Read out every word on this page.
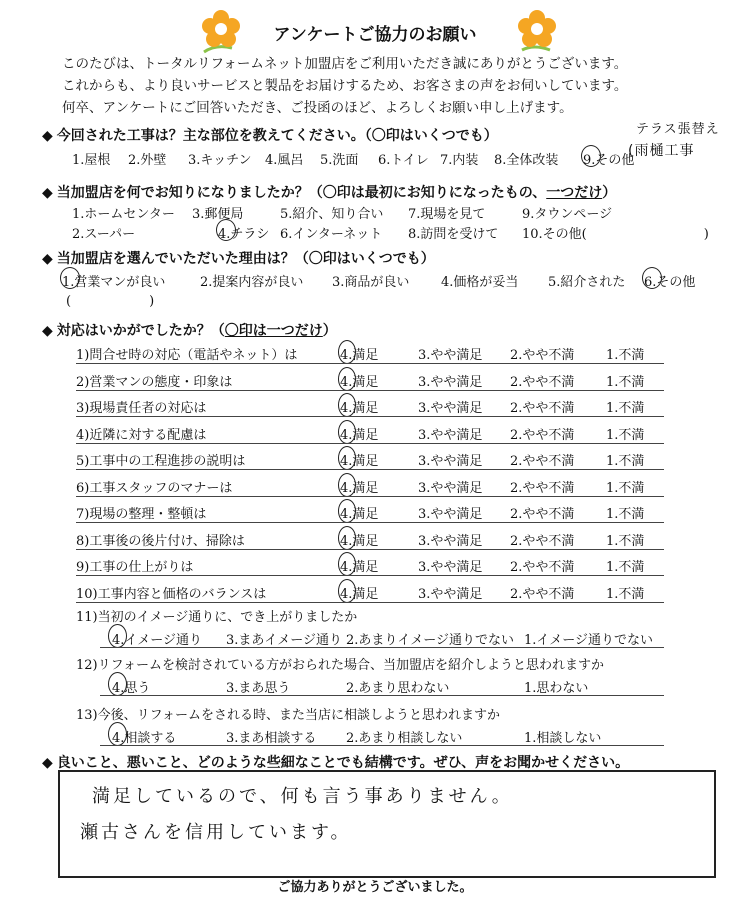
アンケートご協力のお願い
このたびは、トータルリフォームネット加盟店をご利用いただき誠にありがとうございます。
これからも、より良いサービスと製品をお届けするため、お客さまの声をお伺いしています。
何卒、アンケートにご回答いただき、ご投函のほど、よろしくお願い申し上げます。
◆ 今回された工事は？主な部位を教えてください。（〇印はいくつでも）	テラス張替え
1.屋根 2.外壁 3.キッチン 4.風呂 5.洗面 6.トイレ 7.内装 8.全体改装 9.その他
(雨樋工事
◆ 当加盟店を何でお知りになりましたか？（〇印は最初にお知りになったもの、一つだけ）
1.ホームセンター 3.郵便局	5.紹介、知り合い 7.現場を見て	9.タウンページ
2.スーパー	4.チラシ 6.インターネット 8.訪問を受けて 10.その他(　　　　　　　　　)
◆ 当加盟店を選んでいただいた理由は？（〇印はいくつでも）
1.営業マンが良い	2.提案内容が良い 3.商品が良い 4.価格が妥当 5.紹介された 6.その他
(　　　　　　)
◆ 対応はいかがでしたか？（〇印は一つだけ）
1)問合せ時の対応（電話やネット）は	4.満足	3.やや満足 2.やや不満 1.不満
2)営業マンの態度・印象は	4.満足	3.やや満足 2.やや不満 1.不満
3)現場責任者の対応は	4.満足	3.やや満足 2.やや不満 1.不満
4)近隣に対する配慮は	4.満足	3.やや満足 2.やや不満 1.不満
5)工事中の工程進捗の説明は	4.満足	3.やや満足 2.やや不満 1.不満
6)工事スタッフのマナーは	4.満足	3.やや満足 2.やや不満 1.不満
7)現場の整理・整頓は	4.満足	3.やや満足 2.やや不満 1.不満
8)工事後の後片付け、掃除は	4.満足	3.やや満足 2.やや不満 1.不満
9)工事の仕上がりは	4.満足	3.やや満足 2.やや不満 1.不満
10)工事内容と価格のバランスは	4.満足	3.やや満足 2.やや不満 1.不満
11)当初のイメージ通りに、でき上がりましたか
4.イメージ通り 3.まあイメージ通り 2.あまりイメージ通りでない 1.イメージ通りでない
12)リフォームを検討されている方がおられた場合、当加盟店を紹介しようと思われますか
4.思う	3.まあ思う	2.あまり思わない	1.思わない
13)今後、リフォームをされる時、また当店に相談しようと思われますか
4.相談する	3.まあ相談する 2.あまり相談しない	1.相談しない
◆ 良いこと、悪いこと、どのような些細なことでも結構です。ぜひ、声をお聞かせください。
満足しているので、何も言う事ありません。
瀬古さんを信用しています。
ご協力ありがとうございました。
